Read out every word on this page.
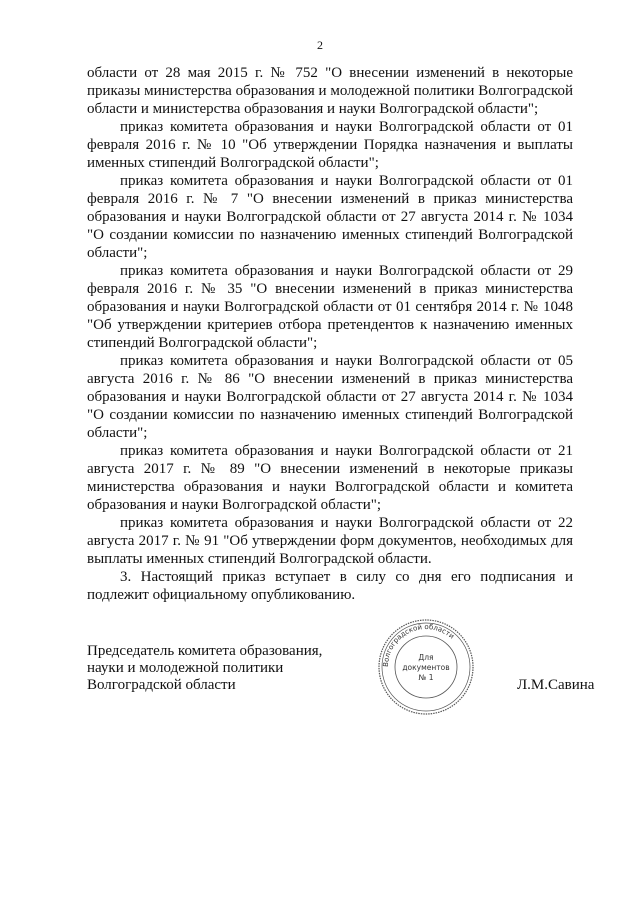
2

области от 28 мая 2015 г. № 752 "О внесении изменений в некоторые приказы министерства образования и молодежной политики Волгоградской области и министерства образования и науки Волгоградской области";

приказ комитета образования и науки Волгоградской области от 01 февраля 2016 г. № 10 "Об утверждении Порядка назначения и выплаты именных стипендий Волгоградской области";

приказ комитета образования и науки Волгоградской области от 01 февраля 2016 г. № 7 "О внесении изменений в приказ министерства образования и науки Волгоградской области от 27 августа 2014 г. № 1034 "О создании комиссии по назначению именных стипендий Волгоградской области";

приказ комитета образования и науки Волгоградской области от 29 февраля 2016 г. № 35 "О внесении изменений в приказ министерства образования и науки Волгоградской области от 01 сентября 2014 г. № 1048 "Об утверждении критериев отбора претендентов к назначению именных стипендий Волгоградской области";

приказ комитета образования и науки Волгоградской области от 05 августа 2016 г. № 86 "О внесении изменений в приказ министерства образования и науки Волгоградской области от 27 августа 2014 г. № 1034 "О создании комиссии по назначению именных стипендий Волгоградской области";

приказ комитета образования и науки Волгоградской области от 21 августа 2017 г. № 89 "О внесении изменений в некоторые приказы министерства образования и науки Волгоградской области и комитета образования и науки Волгоградской области";

приказ комитета образования и науки Волгоградской области от 22 августа 2017 г. № 91 "Об утверждении форм документов, необходимых для выплаты именных стипендий Волгоградской области.

3. Настоящий приказ вступает в силу со дня его подписания и подлежит официальному опубликованию.

Председатель комитета образования,
науки и молодежной политики
Волгоградской области	Л.М.Савина
Волгоградской области
Для
документов
№ 1
